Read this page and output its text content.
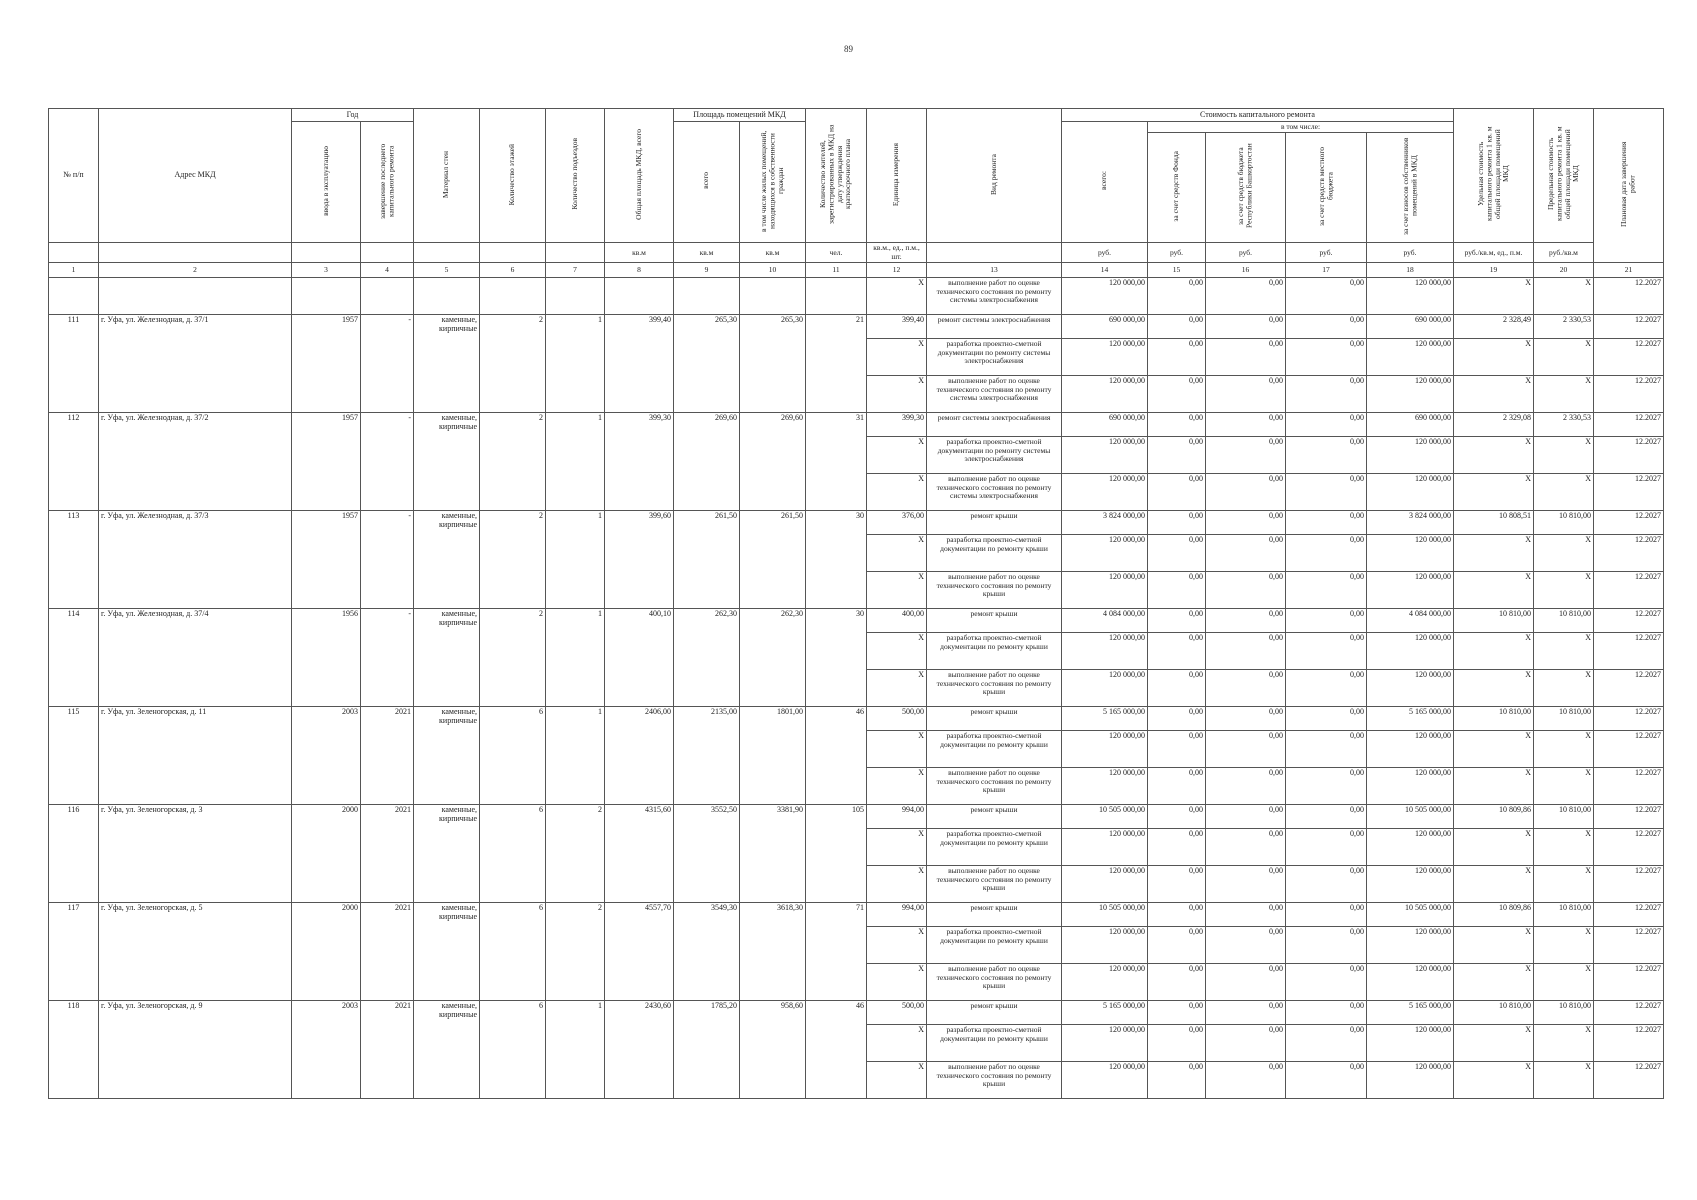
89
№ п/п	Адрес МКД	Год		Материал стен	Количество этажей	Количество подъездов	Общая площадь МКД, всего	Площадь помещений МКД		Количество жителей, зарегистрированных в МКД на дату утверждения краткосрочного плана	Единица измерения	Вид ремонта	Стоимость капитального ремонта					Удельная стоимость капитального ремонта 1 кв. м общей площади помещений МКД	Предельная стоимость капитального ремонта 1 кв. м общей площади помещений МКД	Плановая дата завершения работ
		ввода в эксплуатацию	завершение последнего капитального ремонта					всего	в том числе жилых помещений, находящихся в собственности граждан				всего:	в том числе:						
														за счет средств Фонда	за счет средств бюджета Республики Башкортостан	за счет средств местного бюджета	за счет взносов собственников помещений в МКД			

							кв.м	кв.м	кв.м	чел.	кв.м., ед., п.м., шт.		руб.	руб.	руб.	руб.	руб.	руб./кв.м, ед., п.м.	руб./кв.м	
1	2	3	4	5	6	7	8	9	10	11	12	13	14	15	16	17	18	19	20	21
											X	выполнение работ по оценке технического состояния по ремонту системы электроснабжения	120 000,00	0,00	0,00	0,00	120 000,00	X	X	12.2027
111	г. Уфа, ул. Железнодная, д. 37/1	1957	-	каменные, кирпичные	2	1	399,40	265,30	265,30	21	399,40	ремонт системы электроснабжения	690 000,00	0,00	0,00	0,00	690 000,00	2 328,49	2 330,53	12.2027
											X	разработка проектно-сметной документации по ремонту системы электроснабжения	120 000,00	0,00	0,00	0,00	120 000,00	X	X	12.2027
											X	выполнение работ по оценке технического состояния по ремонту системы электроснабжения	120 000,00	0,00	0,00	0,00	120 000,00	X	X	12.2027
112	г. Уфа, ул. Железнодная, д. 37/2	1957	-	каменные, кирпичные	2	1	399,30	269,60	269,60	31	399,30	ремонт системы электроснабжения	690 000,00	0,00	0,00	0,00	690 000,00	2 329,08	2 330,53	12.2027
											X	разработка проектно-сметной документации по ремонту системы электроснабжения	120 000,00	0,00	0,00	0,00	120 000,00	X	X	12.2027
											X	выполнение работ по оценке технического состояния по ремонту системы электроснабжения	120 000,00	0,00	0,00	0,00	120 000,00	X	X	12.2027
113	г. Уфа, ул. Железнодная, д. 37/3	1957	-	каменные, кирпичные	2	1	399,60	261,50	261,50	30	376,00	ремонт крыши	3 824 000,00	0,00	0,00	0,00	3 824 000,00	10 808,51	10 810,00	12.2027
											X	разработка проектно-сметной документации по ремонту крыши	120 000,00	0,00	0,00	0,00	120 000,00	X	X	12.2027
											X	выполнение работ по оценке технического состояния по ремонту крыши	120 000,00	0,00	0,00	0,00	120 000,00	X	X	12.2027
114	г. Уфа, ул. Железнодная, д. 37/4	1956	-	каменные, кирпичные	2	1	400,10	262,30	262,30	30	400,00	ремонт крыши	4 084 000,00	0,00	0,00	0,00	4 084 000,00	10 810,00	10 810,00	12.2027
											X	разработка проектно-сметной документации по ремонту крыши	120 000,00	0,00	0,00	0,00	120 000,00	X	X	12.2027
											X	выполнение работ по оценке технического состояния по ремонту крыши	120 000,00	0,00	0,00	0,00	120 000,00	X	X	12.2027
115	г. Уфа, ул. Зеленогорская, д. 11	2003	2021	каменные, кирпичные	6	1	2406,00	2135,00	1801,00	46	500,00	ремонт крыши	5 165 000,00	0,00	0,00	0,00	5 165 000,00	10 810,00	10 810,00	12.2027
											X	разработка проектно-сметной документации по ремонту крыши	120 000,00	0,00	0,00	0,00	120 000,00	X	X	12.2027
											X	выполнение работ по оценке технического состояния по ремонту крыши	120 000,00	0,00	0,00	0,00	120 000,00	X	X	12.2027
116	г. Уфа, ул. Зеленогорская, д. 3	2000	2021	каменные, кирпичные	6	2	4315,60	3552,50	3381,90	105	994,00	ремонт крыши	10 505 000,00	0,00	0,00	0,00	10 505 000,00	10 809,86	10 810,00	12.2027
											X	разработка проектно-сметной документации по ремонту крыши	120 000,00	0,00	0,00	0,00	120 000,00	X	X	12.2027
											X	выполнение работ по оценке технического состояния по ремонту крыши	120 000,00	0,00	0,00	0,00	120 000,00	X	X	12.2027
117	г. Уфа, ул. Зеленогорская, д. 5	2000	2021	каменные, кирпичные	6	2	4557,70	3549,30	3618,30	71	994,00	ремонт крыши	10 505 000,00	0,00	0,00	0,00	10 505 000,00	10 809,86	10 810,00	12.2027
											X	разработка проектно-сметной документации по ремонту крыши	120 000,00	0,00	0,00	0,00	120 000,00	X	X	12.2027
											X	выполнение работ по оценке технического состояния по ремонту крыши	120 000,00	0,00	0,00	0,00	120 000,00	X	X	12.2027
118	г. Уфа, ул. Зеленогорская, д. 9	2003	2021	каменные, кирпичные	6	1	2430,60	1785,20	958,60	46	500,00	ремонт крыши	5 165 000,00	0,00	0,00	0,00	5 165 000,00	10 810,00	10 810,00	12.2027
											X	разработка проектно-сметной документации по ремонту крыши	120 000,00	0,00	0,00	0,00	120 000,00	X	X	12.2027
											X	выполнение работ по оценке технического состояния по ремонту крыши	120 000,00	0,00	0,00	0,00	120 000,00	X	X	12.2027
